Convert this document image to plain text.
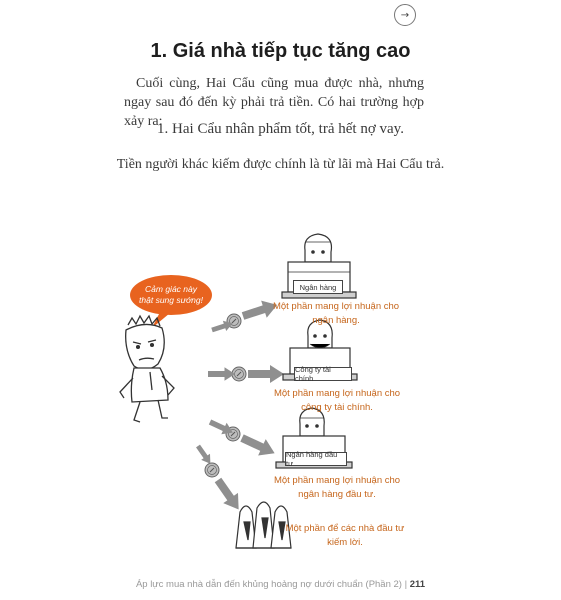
→
1. Giá nhà tiếp tục tăng cao
Cuối cùng, Hai Cẩu cũng mua được nhà, nhưng ngay sau đó đến kỳ phải trả tiền. Có hai trường hợp xảy ra:
1. Hai Cẩu nhân phẩm tốt, trả hết nợ vay.
Tiền người khác kiếm được chính là từ lãi mà Hai Cẩu trả.
Cảm giác này thật sung sướng!
Ngân hàng
Công ty tài chính
Ngân hàng đầu tư
Một phần mang lợi nhuận cho
ngân hàng.
Một phần mang lợi nhuận cho
công ty tài chính.
Một phần mang lợi nhuận cho
ngân hàng đầu tư.
Một phần để các nhà đầu tư
kiếm lời.
Áp lực mua nhà dẫn đến khủng hoảng nợ dưới chuẩn (Phần 2) | 211
